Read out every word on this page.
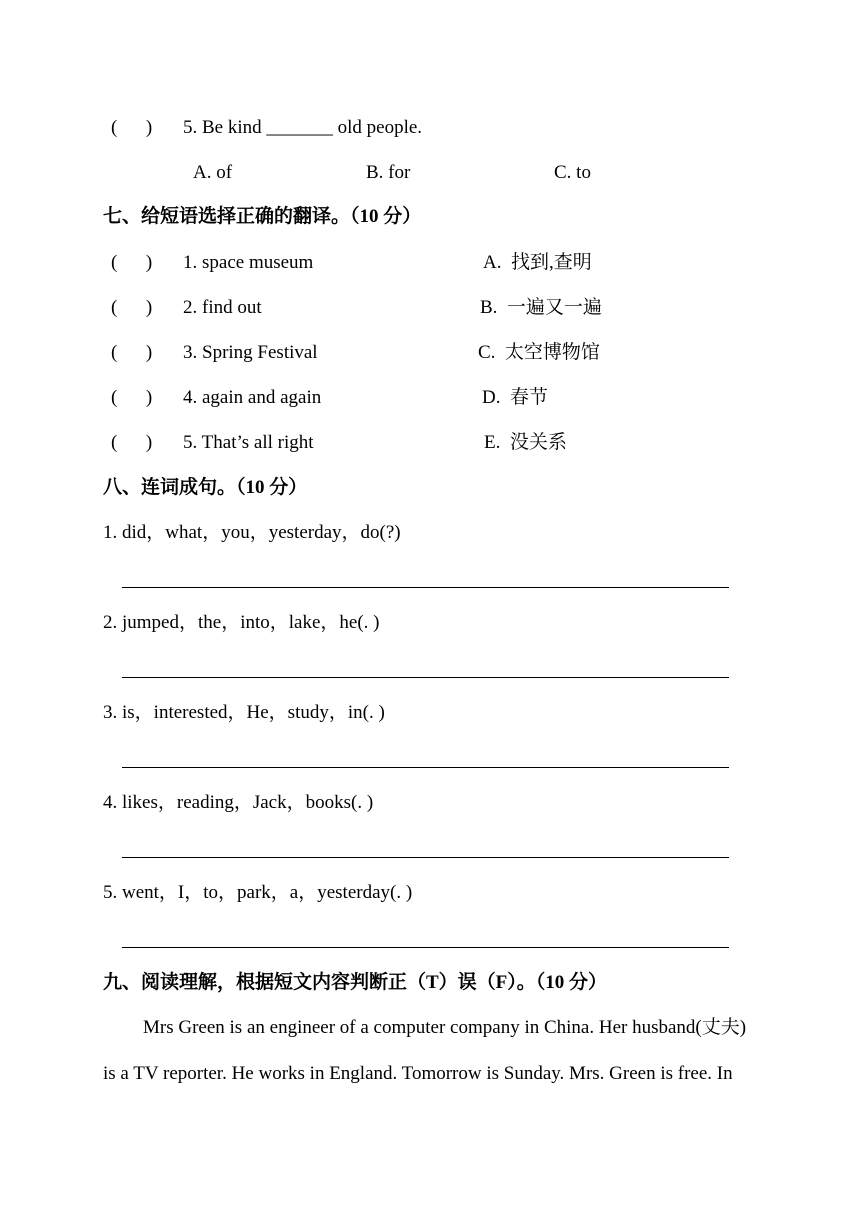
(      ) 5. Be kind _______ old people.
A. of	B. for	C. to
七、给短语选择正确的翻译。（10 分）
(      ) 1. space museum	A.  找到,查明
(      ) 2. find out	B.  一遍又一遍
(      ) 3. Spring Festival	C.  太空博物馆
(      ) 4. again and again	D.  春节
(      ) 5. That’s all right	E.  没关系
八、连词成句。（10 分）
1. did，what，you，yesterday，do(?)
2. jumped，the，into，lake，he(. )
3. is，interested，He，study，in(. )
4. likes，reading，Jack，books(. )
5. went，I，to，park，a，yesterday(. )
九、阅读理解，根据短文内容判断正（T）误（F）。（10 分）
Mrs Green is an engineer of a computer company in China. Her husband(丈夫)
is a TV reporter. He works in England. Tomorrow is Sunday. Mrs. Green is free. In
